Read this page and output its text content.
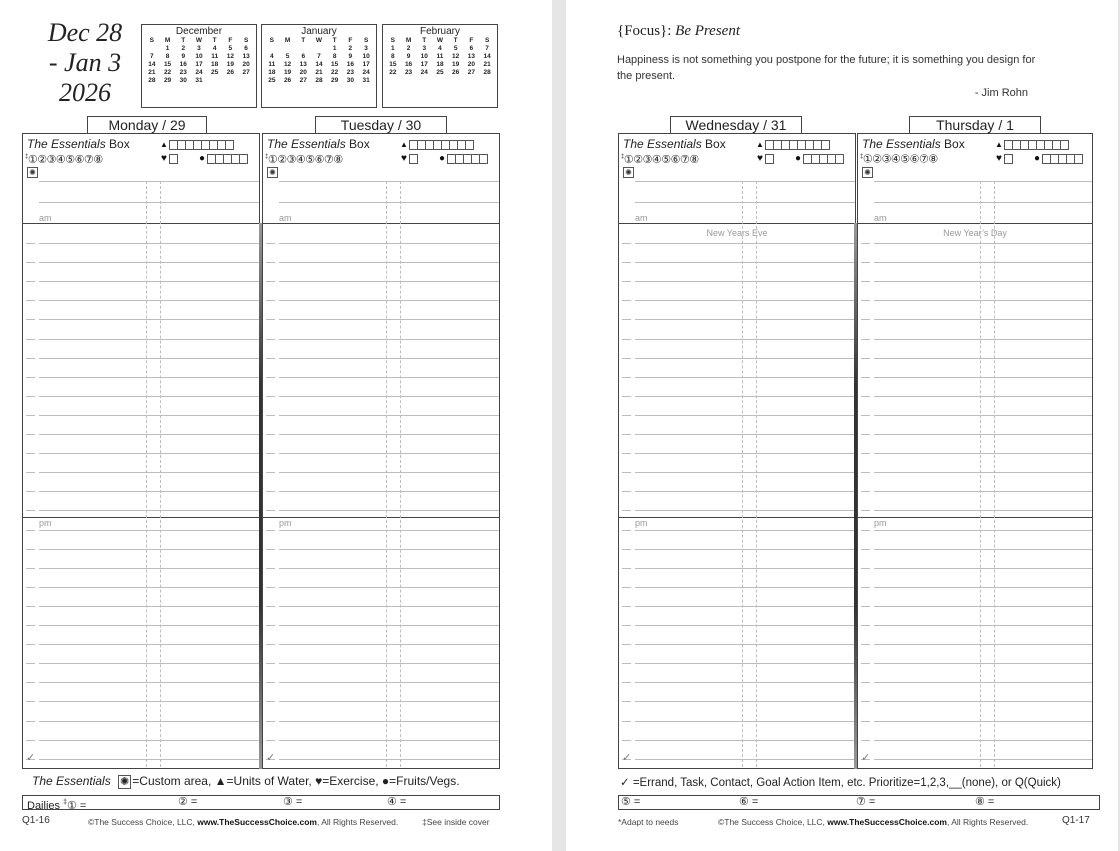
Dec 28
- Jan 3
2026
December
S	M	T	W	T	F	S
	1	2	3	4	5	6
7	8	9	10	11	12	13
14	15	16	17	18	19	20
21	22	23	24	25	26	27
28	29	30	31			
January
S	M	T	W	T	F	S
				1	2	3
4	5	6	7	8	9	10
11	12	13	14	15	16	17
18	19	20	21	22	23	24
25	26	27	28	29	30	31
February
S	M	T	W	T	F	S
1	2	3	4	5	6	7
8	9	10	11	12	13	14
15	16	17	18	19	20	21
22	23	24	25	26	27	28

Monday / 29	Tuesday / 30
The Essentials Box
‡①②③④⑤⑥⑦⑧
▲
♥	●
✺
am
pm
✓
The Essentials Box
‡①②③④⑤⑥⑦⑧
▲
♥	●
✺
am
pm
✓
The Essentials ✺ =Custom area, ▲=Units of Water, ♥=Exercise, ●=Fruits/Vegs.
Dailies ‡① =	② =	③ =	④ =
Q1-16	©The Success Choice, LLC, www.TheSuccessChoice.com, All Rights Reserved.	‡See inside cover
{Focus}: Be Present
Happiness is not something you postpone for the future; it is something you design for the present.
- Jim Rohn
Wednesday / 31	Thursday / 1
The Essentials Box
‡①②③④⑤⑥⑦⑧
▲
♥	●
✺
am
New Years Eve
pm
✓
The Essentials Box
‡①②③④⑤⑥⑦⑧
▲
♥	●
✺
am
New Year’s Day
pm
✓
✓ =Errand, Task, Contact, Goal Action Item, etc. Prioritize=1,2,3,__(none), or Q(Quick)
⑤ =	⑥ =	⑦ =	⑧ =
*Adapt to needs	©The Success Choice, LLC, www.TheSuccessChoice.com, All Rights Reserved.	Q1-17
